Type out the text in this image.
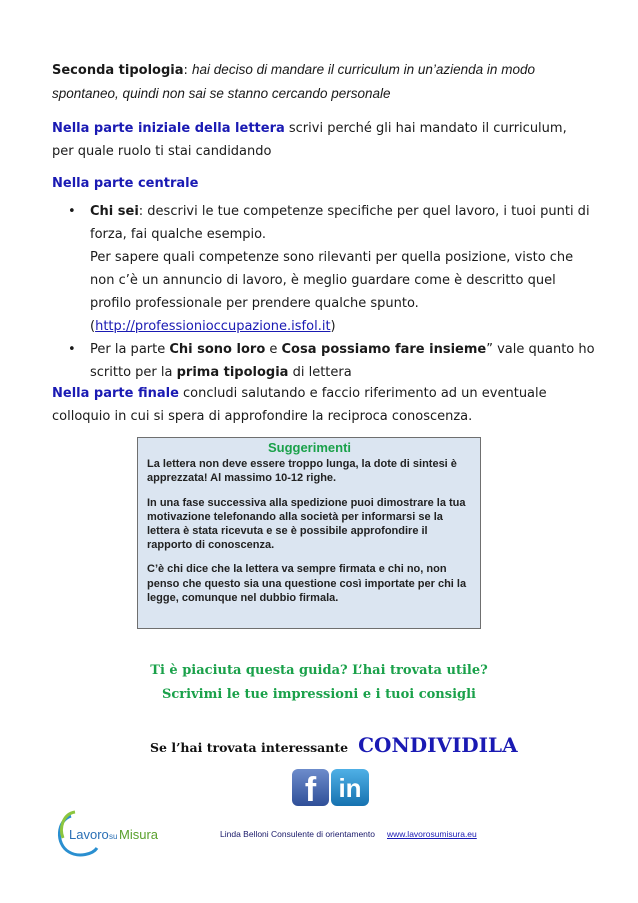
Seconda tipologia: hai deciso di mandare il curriculum in un’azienda in modo spontaneo, quindi non sai se stanno cercando personale
Nella parte iniziale della lettera scrivi perché gli hai mandato il curriculum, per quale ruolo ti stai candidando
Nella parte centrale
• Chi sei: descrivi le tue competenze specifiche per quel lavoro, i tuoi punti di forza, fai qualche esempio.
Per sapere quali competenze sono rilevanti per quella posizione, visto che non c’è un annuncio di lavoro, è meglio guardare come è descritto quel profilo professionale per prendere qualche spunto.
(http://professionioccupazione.isfol.it)
• Per la parte Chi sono loro e Cosa possiamo fare insieme” vale quanto ho scritto per la prima tipologia di lettera
Nella parte finale concludi salutando e faccio riferimento ad un eventuale colloquio in cui si spera di approfondire la reciproca conoscenza.
Suggerimenti

La lettera non deve essere troppo lunga, la dote di sintesi è apprezzata! Al massimo 10-12 righe.

In una fase successiva alla spedizione puoi dimostrare la tua motivazione telefonando alla società per informarsi se la lettera è stata ricevuta e se è possibile approfondire il rapporto di conoscenza.

C’è chi dice che la lettera va sempre firmata e chi no, non penso che questo sia una questione così importate per chi la legge, comunque nel dubbio firmala.

Ti è piaciuta questa guida? L’hai trovata utile?
Scrivimi le tue impressioni e i tuoi consigli
Se l’hai trovata interessante CONDIVIDILA
f in
Lavoro su Misura	Linda Belloni Consulente di orientamento www.lavorosumisura.eu
